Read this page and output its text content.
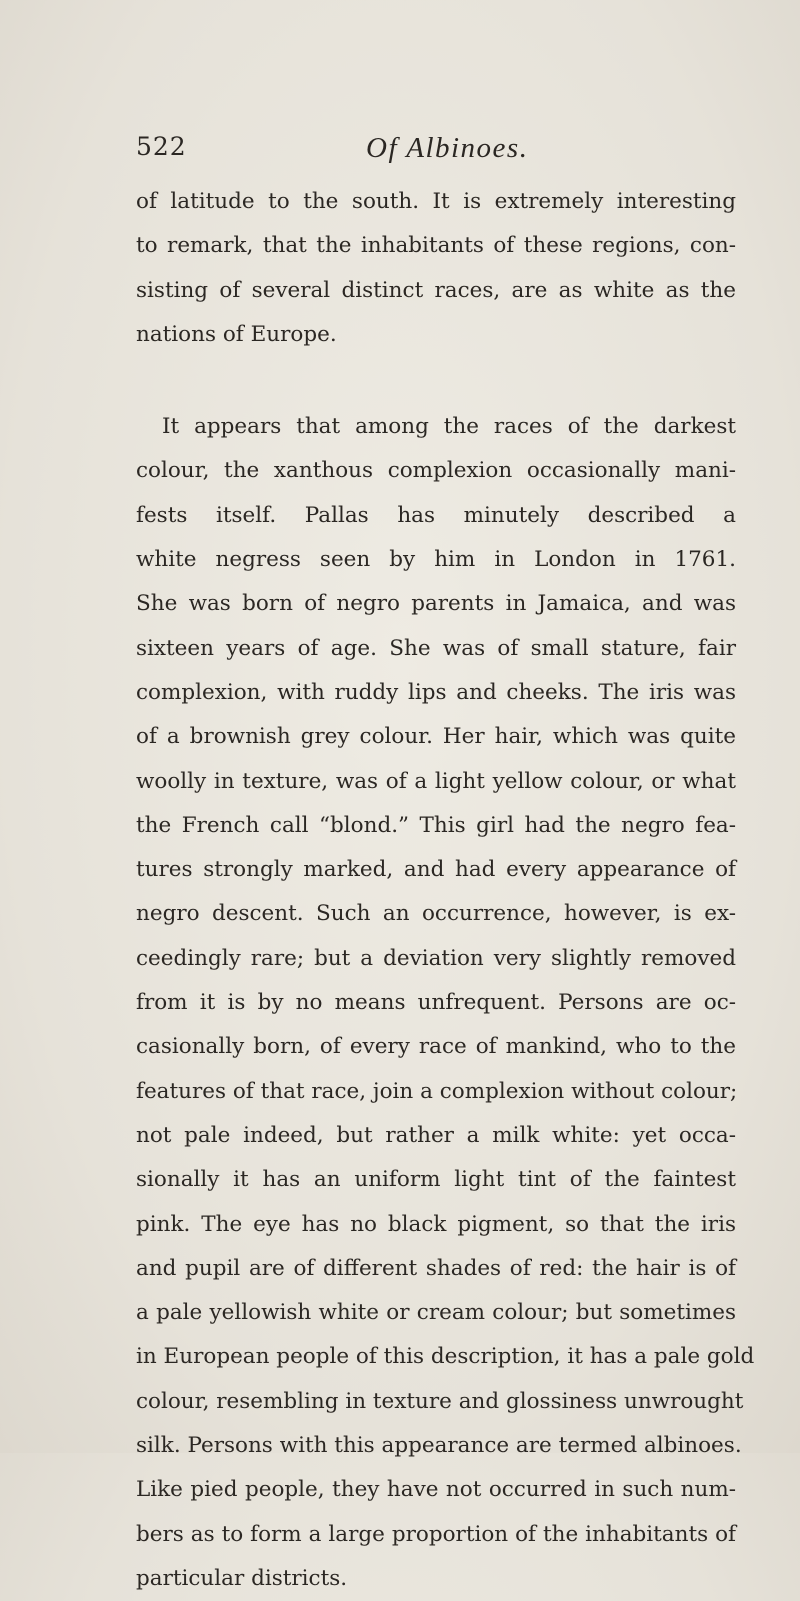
522	Of Albinoes.
of latitude to the south. It is extremely interesting
to remark, that the inhabitants of these regions, con-
sisting of several distinct races, are as white as the
nations of Europe.
It appears that among the races of the darkest
colour, the xanthous complexion occasionally mani-
fests itself. Pallas has minutely described a
white negress seen by him in London in 1761.
She was born of negro parents in Jamaica, and was
sixteen years of age. She was of small stature, fair
complexion, with ruddy lips and cheeks. The iris was
of a brownish grey colour. Her hair, which was quite
woolly in texture, was of a light yellow colour, or what
the French call “blond.” This girl had the negro fea-
tures strongly marked, and had every appearance of
negro descent. Such an occurrence, however, is ex-
ceedingly rare; but a deviation very slightly removed
from it is by no means unfrequent. Persons are oc-
casionally born, of every race of mankind, who to the
features of that race, join a complexion without colour;
not pale indeed, but rather a milk white: yet occa-
sionally it has an uniform light tint of the faintest
pink. The eye has no black pigment, so that the iris
and pupil are of different shades of red: the hair is of
a pale yellowish white or cream colour; but sometimes
in European people of this description, it has a pale gold
colour, resembling in texture and glossiness unwrought
silk. Persons with this appearance are termed albinoes.
Like pied people, they have not occurred in such num-
bers as to form a large proportion of the inhabitants of
particular districts.
